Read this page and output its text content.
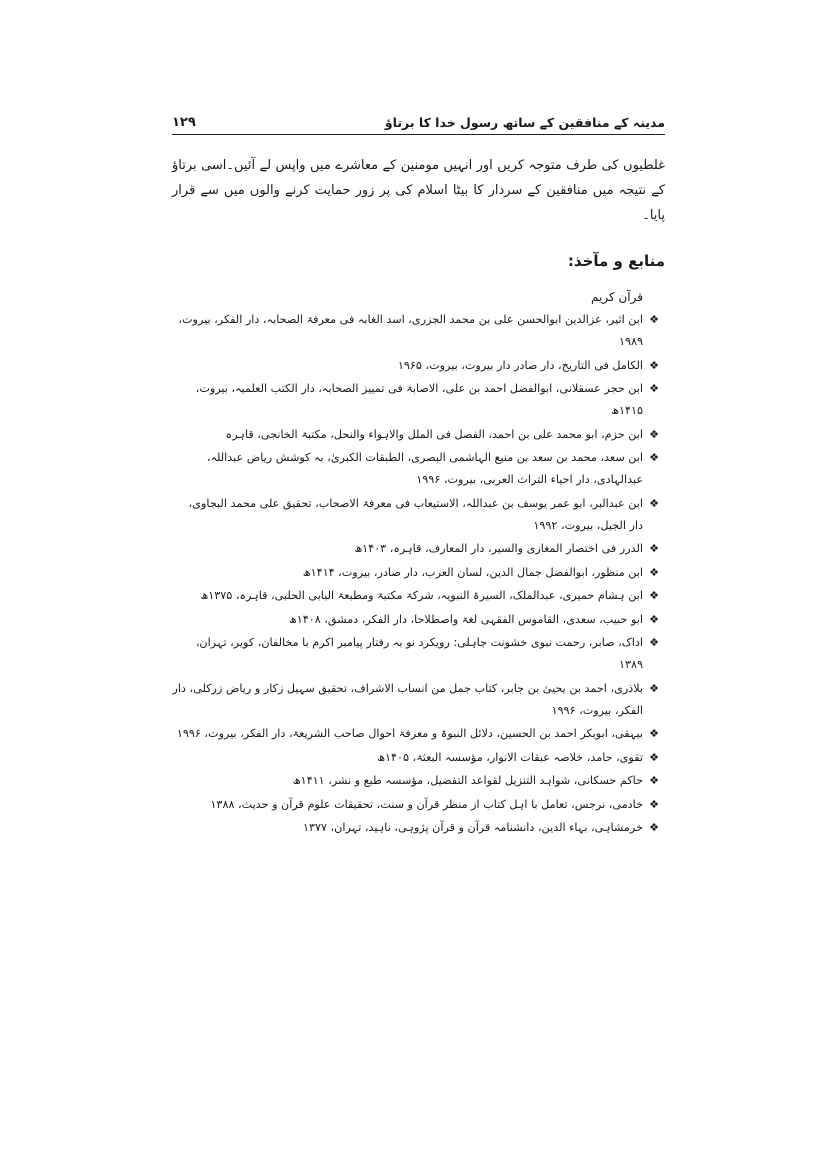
مدینہ کے منافقین کے ساتھ رسول خدا کا برتاؤ
۱۲۹

غلطیوں کی طرف متوجہ کریں اور انہیں مومنین کے معاشرے میں واپس لے آئیں۔اسی برتاؤ کے نتیجہ میں منافقین کے سردار کا بیٹا اسلام کی پر زور حمایت کرنے والوں میں سے قرار پایا۔

منابع و مآخذ:
قرآن کریم
❖
ابن اثیر، عزالدین ابوالحسن علی بن محمد الجزری، اسد الغابہ فی معرفۃ الصحابہ، دار الفکر، بیروت، ۱۹۸۹
❖
الکامل فی التاریخ، دار صادر دار بیروت، بیروت، ۱۹۶۵
❖
ابن حجر عسقلانی، ابوالفضل احمد بن علی، الاصابۃ فی تمییز الصحابہ، دار الکتب العلمیہ، بیروت، ۱۴۱۵ھ
❖
ابن حزم، ابو محمد علی بن احمد، الفصل فی الملل والاہواء والنحل، مکتبۃ الخانجی، قاہرہ
❖
ابن سعد، محمد بن سعد بن منیع الہاشمی البصری، الطبقات الکبریٰ، بہ کوشش ریاض عبداللہ، عبدالہادی، دار احیاء التراث العربی، بیروت، ۱۹۹۶
❖
ابن عبدالبر، ابو عمر یوسف بن عبداللہ، الاستیعاب فی معرفۃ الاصحاب، تحقیق علی محمد البجاوی، دار الجیل، بیروت، ۱۹۹۲
❖
الدرر فی اختصار المغازی والسیر، دار المعارف، قاہرہ، ۱۴۰۳ھ
❖
ابن منظور، ابوالفضل جمال الدین، لسان العرب، دار صادر، بیروت، ۱۴۱۴ھ
❖
ابن ہشام حمیری، عبدالملک، السیرۃ النبویہ، شرکۃ مکتبۃ ومطبعۃ البابی الحلبی، قاہرہ، ۱۳۷۵ھ
❖
ابو حبیب، سعدی، القاموس الفقہی لغۃ واصطلاحا، دار الفکر، دمشق، ۱۴۰۸ھ
❖
اداک، صابر، رحمت نبوی خشونت جاہلی: رویکرد نو بہ رفتار پیامبر اکرم با مخالفان، کویر، تہران، ۱۳۸۹
❖
بلاذری، احمد بن یحییٰ بن جابر، کتاب جمل من انساب الاشراف، تحقیق سہیل زکار و ریاض زرکلی، دار الفکر، بیروت، ۱۹۹۶
❖
بیہقی، ابوبکر احمد بن الحسین، دلائل النبوۃ و معرفۃ احوال صاحب الشریعۃ، دار الفکر، بیروت، ۱۹۹۶
❖
تقوی، حامد، خلاصہ عبقات الانوار، مؤسسہ البعثۃ، ۱۴۰۵ھ
❖
حاکم حسکانی، شواہد التنزیل لقواعد التفضیل، مؤسسہ طبع و نشر، ۱۴۱۱ھ
❖
خادمی، نرجس، تعامل با اہل کتاب از منظر قرآن و سنت، تحقیقات علوم قرآن و حدیث، ۱۳۸۸
❖
خرمشاہی، بہاء الدین، دانشنامہ قرآن و قرآن پژوہی، ناہید، تہران، ۱۳۷۷
